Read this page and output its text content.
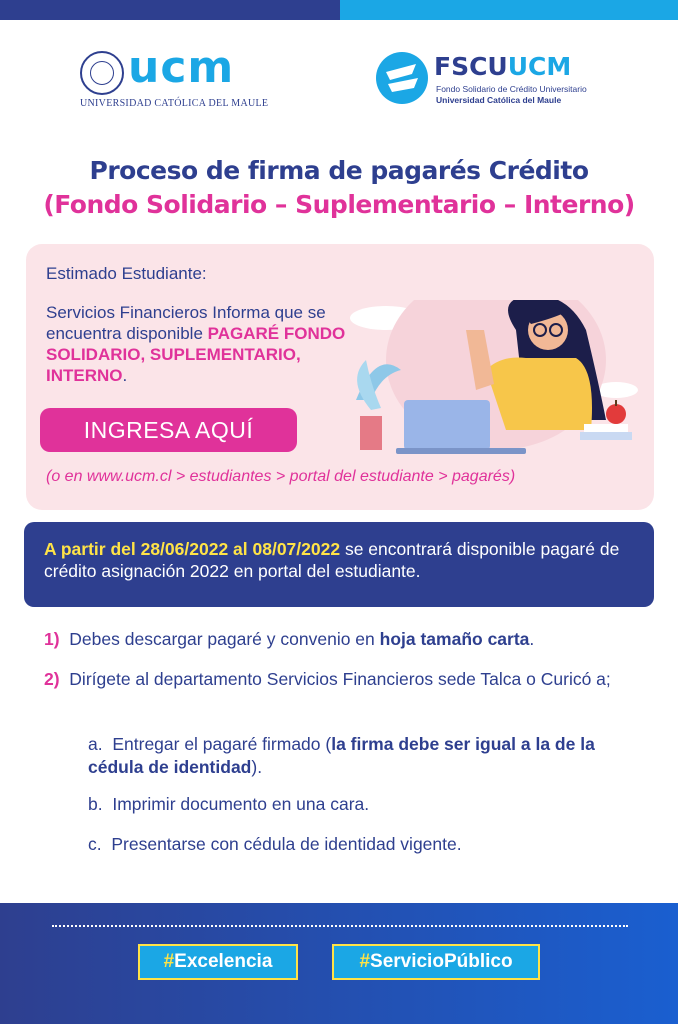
ucm
UNIVERSIDAD CATÓLICA DEL MAULE
FSCUUCM
Fondo Solidario de Crédito Universitario
Universidad Católica del Maule
Proceso de firma de pagarés Crédito
(Fondo Solidario – Suplementario – Interno)
Estimado Estudiante:
Servicios Financieros Informa que se encuentra disponible PAGARÉ FONDO SOLIDARIO, SUPLEMENTARIO, INTERNO.
INGRESA AQUÍ
(o en www.ucm.cl > estudiantes > portal del estudiante > pagarés)
A partir del 28/06/2022 al 08/07/2022 se encontrará disponible pagaré de crédito asignación 2022 en portal del estudiante.
1) Debes descargar pagaré y convenio en hoja tamaño carta.
2) Dirígete al departamento Servicios Financieros sede Talca o Curicó a;
a. Entregar el pagaré firmado (la firma debe ser igual a la de la cédula de identidad).
b. Imprimir documento en una cara.
c. Presentarse con cédula de identidad vigente.
# Excelencia	# ServicioPúblico
